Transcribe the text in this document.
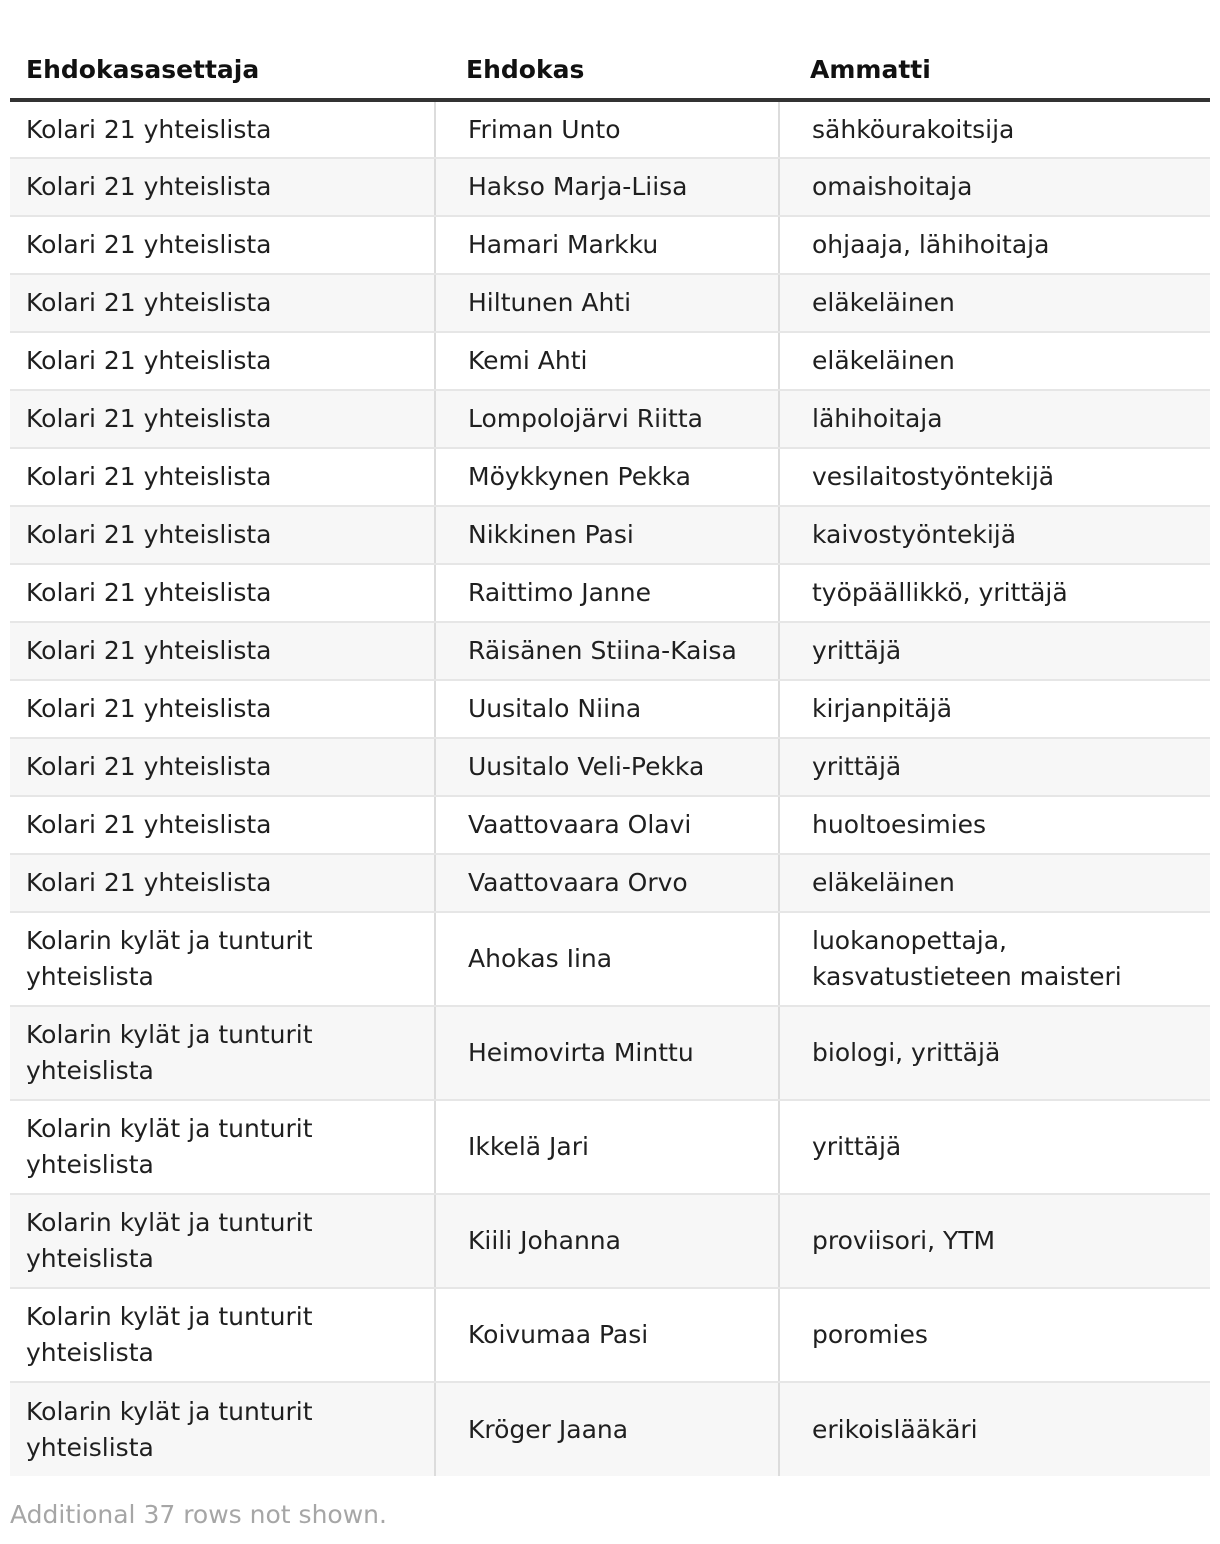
Ehdokasasettaja	Ehdokas	Ammatti
Kolari 21 yhteislista	Friman Unto	sähköurakoitsija
Kolari 21 yhteislista	Hakso Marja-Liisa	omaishoitaja
Kolari 21 yhteislista	Hamari Markku	ohjaaja, lähihoitaja
Kolari 21 yhteislista	Hiltunen Ahti	eläkeläinen
Kolari 21 yhteislista	Kemi Ahti	eläkeläinen
Kolari 21 yhteislista	Lompolojärvi Riitta	lähihoitaja
Kolari 21 yhteislista	Möykkynen Pekka	vesilaitostyöntekijä
Kolari 21 yhteislista	Nikkinen Pasi	kaivostyöntekijä
Kolari 21 yhteislista	Raittimo Janne	työpäällikkö, yrittäjä
Kolari 21 yhteislista	Räisänen Stiina-Kaisa	yrittäjä
Kolari 21 yhteislista	Uusitalo Niina	kirjanpitäjä
Kolari 21 yhteislista	Uusitalo Veli-Pekka	yrittäjä
Kolari 21 yhteislista	Vaattovaara Olavi	huoltoesimies
Kolari 21 yhteislista	Vaattovaara Orvo	eläkeläinen
Kolarin kylät ja tunturit yhteislista	Ahokas Iina	luokanopettaja, kasvatustieteen maisteri
Kolarin kylät ja tunturit yhteislista	Heimovirta Minttu	biologi, yrittäjä
Kolarin kylät ja tunturit yhteislista	Ikkelä Jari	yrittäjä
Kolarin kylät ja tunturit yhteislista	Kiili Johanna	proviisori, YTM
Kolarin kylät ja tunturit yhteislista	Koivumaa Pasi	poromies
Kolarin kylät ja tunturit yhteislista	Kröger Jaana	erikoislääkäri
Additional 37 rows not shown.
